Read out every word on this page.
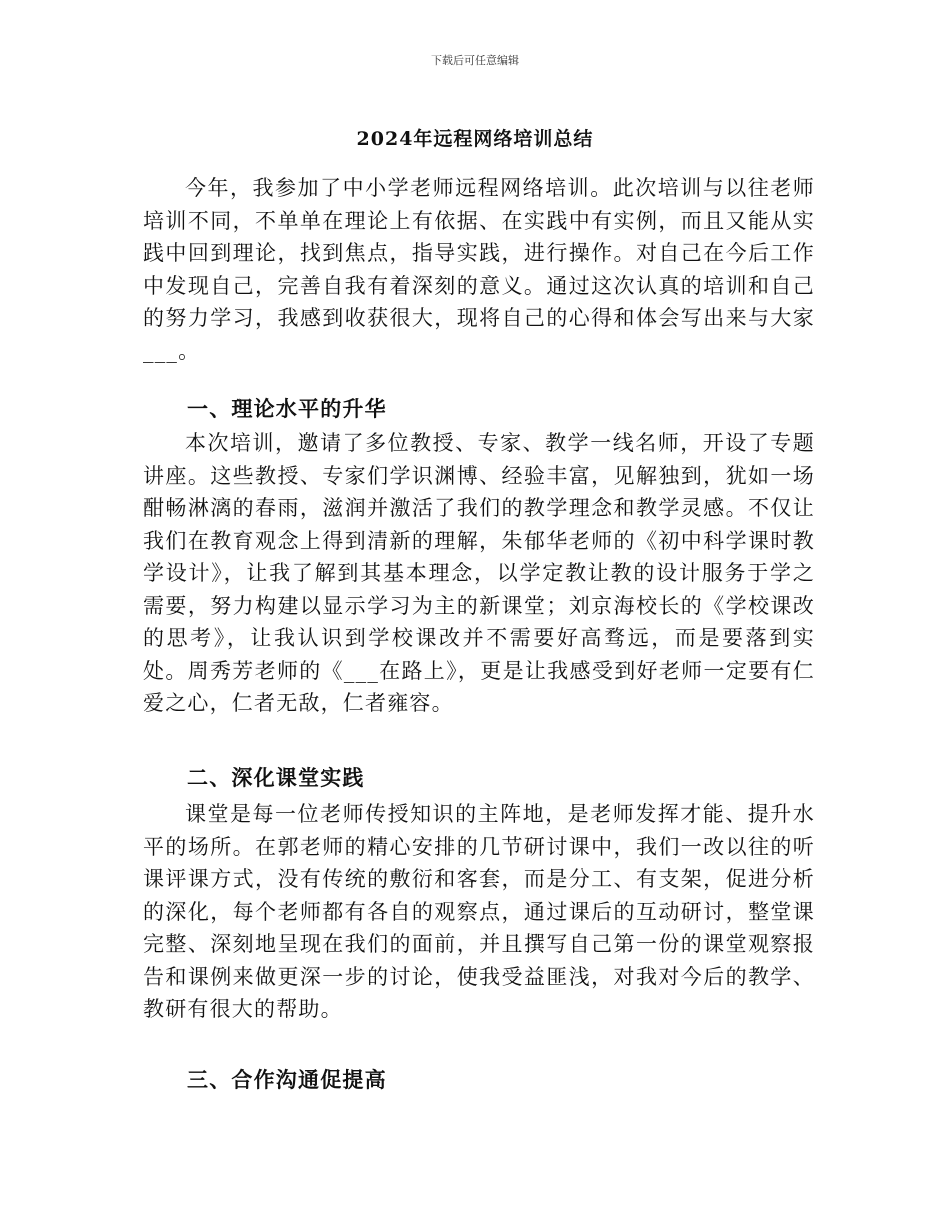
下载后可任意编辑
2024年远程网络培训总结

今年，我参加了中小学老师远程网络培训。此次培训与以往老师培训不同，不单单在理论上有依据、在实践中有实例，而且又能从实践中回到理论，找到焦点，指导实践，进行操作。对自己在今后工作中发现自己，完善自我有着深刻的意义。通过这次认真的培训和自己的努力学习，我感到收获很大，现将自己的心得和体会写出来与大家___。

一、理论水平的升华

本次培训，邀请了多位教授、专家、教学一线名师，开设了专题讲座。这些教授、专家们学识渊博、经验丰富，见解独到，犹如一场酣畅淋漓的春雨，滋润并激活了我们的教学理念和教学灵感。不仅让我们在教育观念上得到清新的理解，朱郁华老师的《初中科学课时教学设计》，让我了解到其基本理念，以学定教让教的设计服务于学之需要，努力构建以显示学习为主的新课堂；刘京海校长的《学校课改的思考》，让我认识到学校课改并不需要好高骛远，而是要落到实处。周秀芳老师的《___在路上》，更是让我感受到好老师一定要有仁爱之心，仁者无敌，仁者雍容。

二、深化课堂实践

课堂是每一位老师传授知识的主阵地，是老师发挥才能、提升水平的场所。在郭老师的精心安排的几节研讨课中，我们一改以往的听课评课方式，没有传统的敷衍和客套，而是分工、有支架，促进分析的深化，每个老师都有各自的观察点，通过课后的互动研讨，整堂课完整、深刻地呈现在我们的面前，并且撰写自己第一份的课堂观察报告和课例来做更深一步的讨论，使我受益匪浅，对我对今后的教学、教研有很大的帮助。

三、合作沟通促提高
